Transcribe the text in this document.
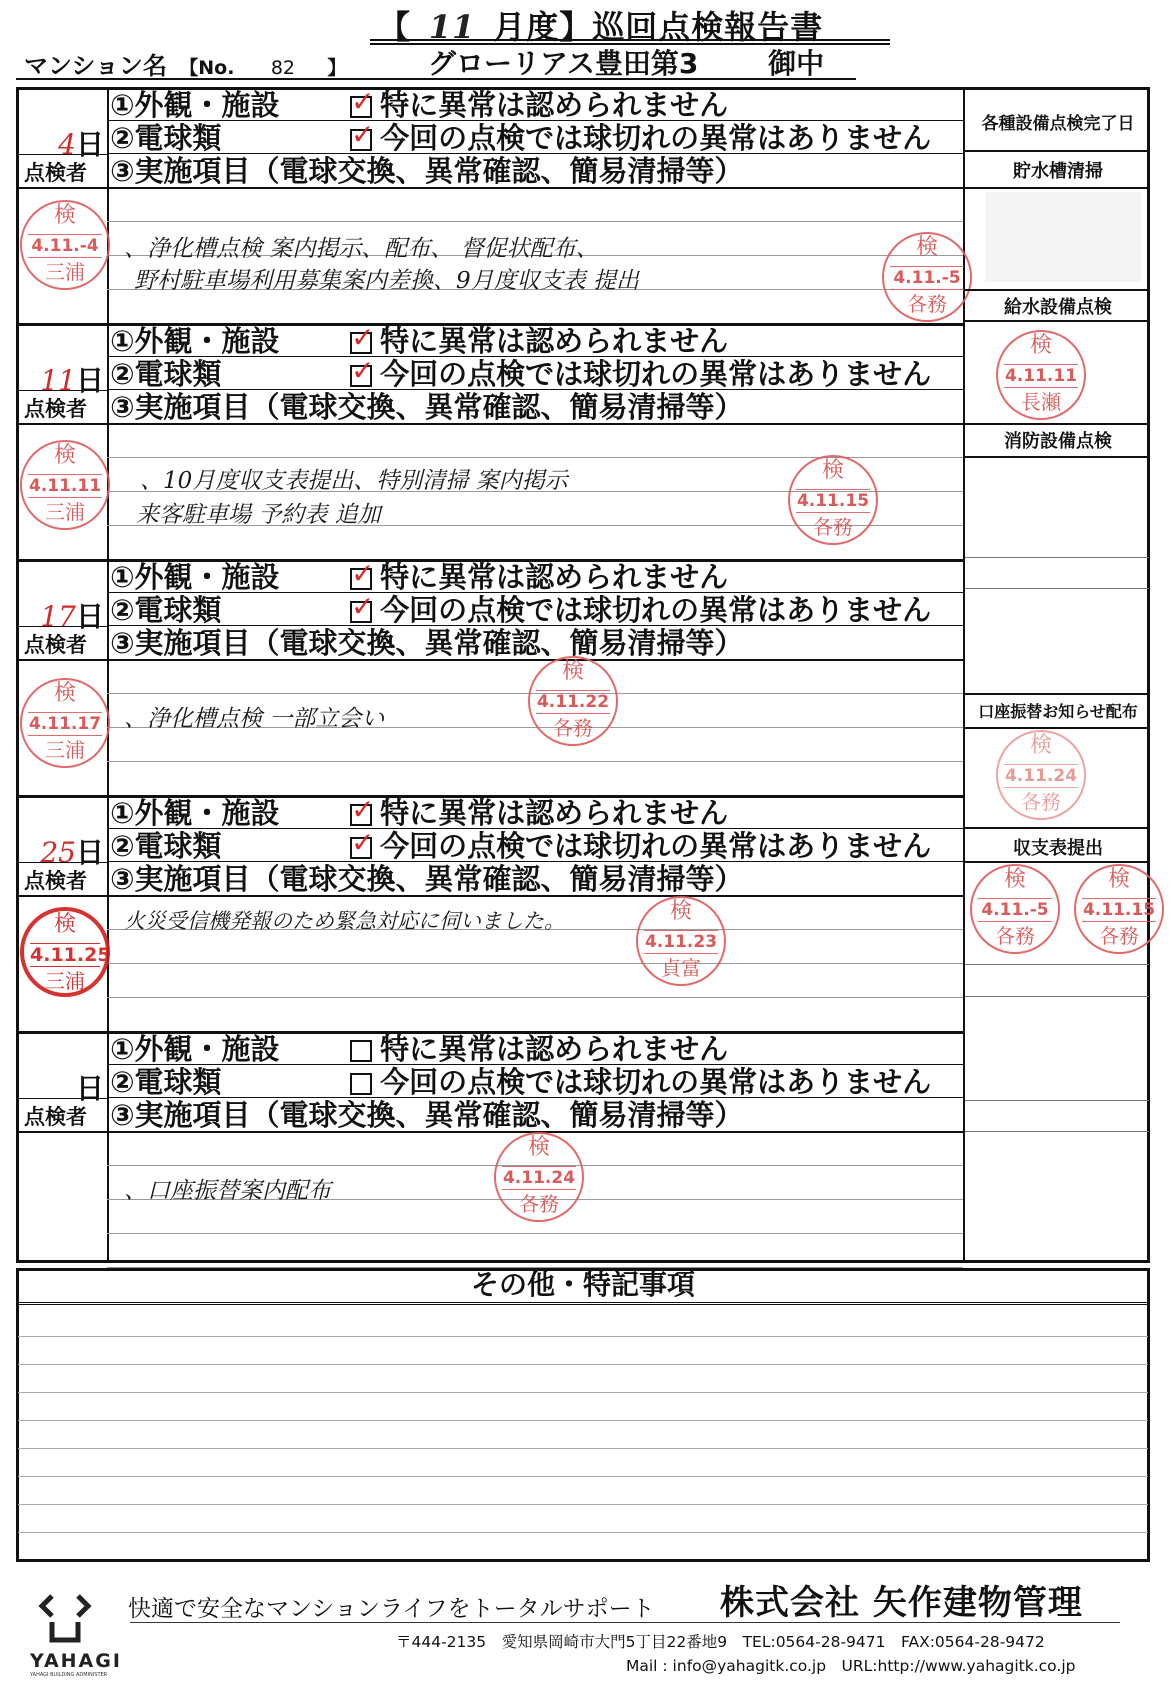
【 11 月度】巡回点検報告書
マンション名 【No. 82 】	グローリアス豊田第3 御中
①外観・施設 ✓	特に異常は認められません
②電球類 ✓	今回の点検では球切れの異常はありません
③実施項目（電球交換、異常確認、簡易清掃等）
4日
点検者
、浄化槽点検 案内掲示、配布、 督促状配布、
野村駐車場利用募集案内差換、9月度収支表 提出
検
4.11.-4
三浦
検
4.11.-5
各務
①外観・施設 ✓	特に異常は認められません
②電球類 ✓	今回の点検では球切れの異常はありません
③実施項目（電球交換、異常確認、簡易清掃等）
11日
点検者
、10月度収支表提出、特別清掃 案内掲示
来客駐車場 予約表 追加
検
4.11.11
三浦
検
4.11.15
各務
①外観・施設 ✓	特に異常は認められません
②電球類 ✓	今回の点検では球切れの異常はありません
③実施項目（電球交換、異常確認、簡易清掃等）
17日
点検者
、浄化槽点検 一部立会い
検
4.11.17
三浦
検
4.11.22
各務
①外観・施設 ✓	特に異常は認められません
②電球類 ✓	今回の点検では球切れの異常はありません
③実施項目（電球交換、異常確認、簡易清掃等）
25日
点検者
火災受信機発報のため緊急対応に伺いました。
検
4.11.25
三浦
検
4.11.23
貞富
①外観・施設	特に異常は認められません
②電球類	今回の点検では球切れの異常はありません
③実施項目（電球交換、異常確認、簡易清掃等）
日
点検者
、口座振替案内配布
検
4.11.24
各務
各種設備点検完了日
貯水槽清掃
給水設備点検
検
4.11.11
長瀬
消防設備点検
口座振替お知らせ配布
検
4.11.24
各務
収支表提出
検
4.11.-5
各務
検
4.11.15
各務
その他・特記事項
YAHAGI
YAHAGI BUILDING ADMINISTER
快適で安全なマンションライフをトータルサポート 株式会社 矢作建物管理
〒444-2135　愛知県岡崎市大門5丁目22番地9　TEL:0564-28-9471　FAX:0564-28-9472
Mail : info@yahagitk.co.jp　URL:http://www.yahagitk.co.jp
